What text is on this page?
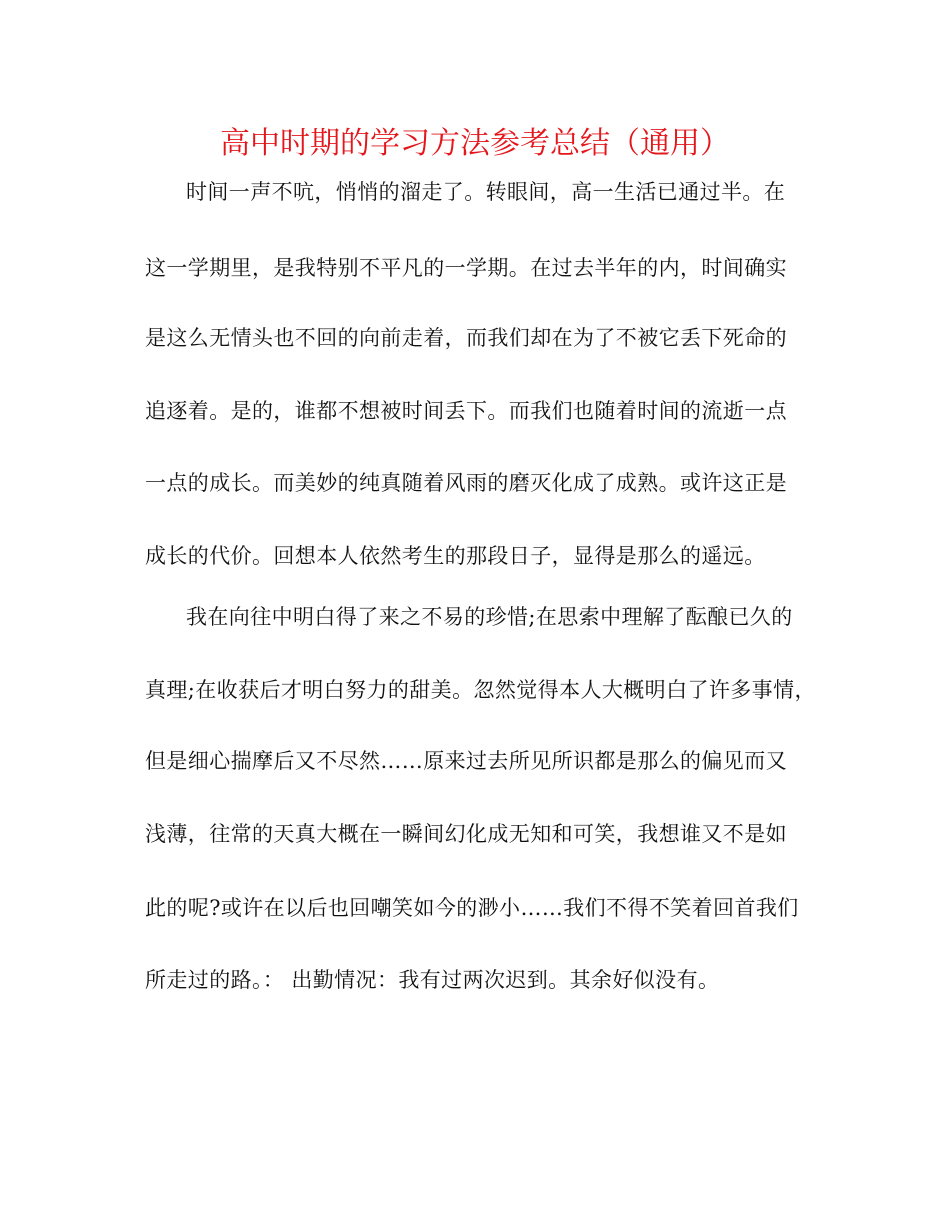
高中时期的学习方法参考总结（通用）
时间一声不吭，悄悄的溜走了。转眼间，高一生活已通过半。在
这一学期里，是我特别不平凡的一学期。在过去半年的内，时间确实
是这么无情头也不回的向前走着，而我们却在为了不被它丢下死命的
追逐着。是的，谁都不想被时间丢下。而我们也随着时间的流逝一点
一点的成长。而美妙的纯真随着风雨的磨灭化成了成熟。或许这正是
成长的代价。回想本人依然考生的那段日子，显得是那么的遥远。
我在向往中明白得了来之不易的珍惜;在思索中理解了酝酿已久的
真理;在收获后才明白努力的甜美。忽然觉得本人大概明白了许多事情，
但是细心揣摩后又不尽然……原来过去所见所识都是那么的偏见而又
浅薄，往常的天真大概在一瞬间幻化成无知和可笑，我想谁又不是如
此的呢?或许在以后也回嘲笑如今的渺小……我们不得不笑着回首我们
所走过的路。： 出勤情况：我有过两次迟到。其余好似没有。
